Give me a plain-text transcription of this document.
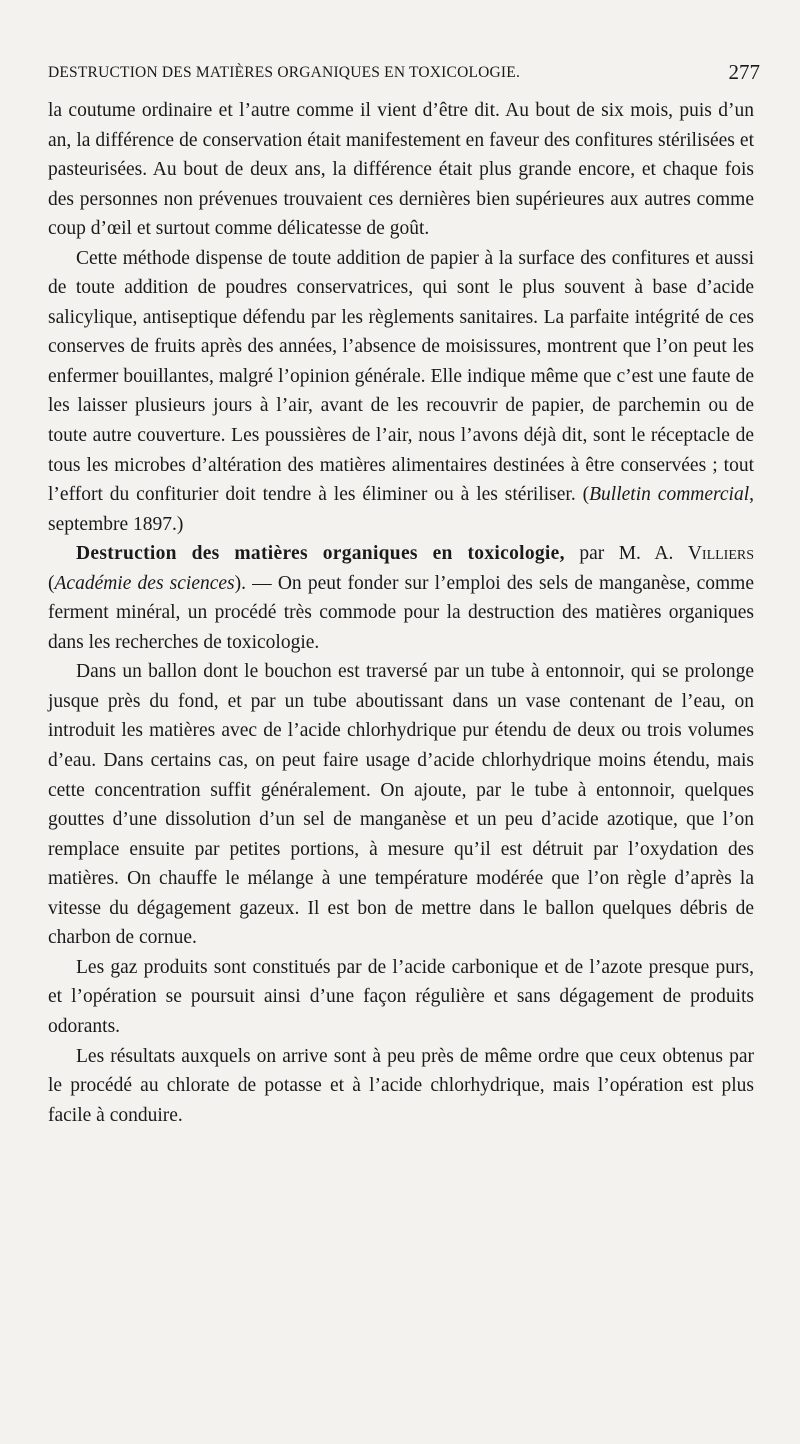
DESTRUCTION DES MATIÈRES ORGANIQUES EN TOXICOLOGIE.	277

la coutume ordinaire et l’autre comme il vient d’être dit. Au bout de six mois, puis d’un an, la différence de conservation était manifestement en faveur des confitures stérilisées et pasteurisées. Au bout de deux ans, la différence était plus grande encore, et chaque fois des personnes non prévenues trouvaient ces dernières bien supérieures aux autres comme coup d’œil et surtout comme délicatesse de goût.

Cette méthode dispense de toute addition de papier à la surface des confitures et aussi de toute addition de poudres conservatrices, qui sont le plus souvent à base d’acide salicylique, antiseptique défendu par les règlements sanitaires. La parfaite intégrité de ces conserves de fruits après des années, l’absence de moisissures, montrent que l’on peut les enfermer bouillantes, malgré l’opinion générale. Elle indique même que c’est une faute de les laisser plusieurs jours à l’air, avant de les recouvrir de papier, de parchemin ou de toute autre couverture. Les poussières de l’air, nous l’avons déjà dit, sont le réceptacle de tous les microbes d’altération des matières alimentaires destinées à être conservées ; tout l’effort du confiturier doit tendre à les éliminer ou à les stériliser. (Bulletin commercial, septembre 1897.)

Destruction des matières organiques en toxicologie, par M. A. Villiers (Académie des sciences). — On peut fonder sur l’emploi des sels de manganèse, comme ferment minéral, un procédé très commode pour la destruction des matières organiques dans les recherches de toxicologie.

Dans un ballon dont le bouchon est traversé par un tube à entonnoir, qui se prolonge jusque près du fond, et par un tube aboutissant dans un vase contenant de l’eau, on introduit les matières avec de l’acide chlorhydrique pur étendu de deux ou trois volumes d’eau. Dans certains cas, on peut faire usage d’acide chlorhydrique moins étendu, mais cette concentration suffit généralement. On ajoute, par le tube à entonnoir, quelques gouttes d’une dissolution d’un sel de manganèse et un peu d’acide azotique, que l’on remplace ensuite par petites portions, à mesure qu’il est détruit par l’oxydation des matières. On chauffe le mélange à une température modérée que l’on règle d’après la vitesse du dégagement gazeux. Il est bon de mettre dans le ballon quelques débris de charbon de cornue.

Les gaz produits sont constitués par de l’acide carbonique et de l’azote presque purs, et l’opération se poursuit ainsi d’une façon régulière et sans dégagement de produits odorants.

Les résultats auxquels on arrive sont à peu près de même ordre que ceux obtenus par le procédé au chlorate de potasse et à l’acide chlorhydrique, mais l’opération est plus facile à conduire.
